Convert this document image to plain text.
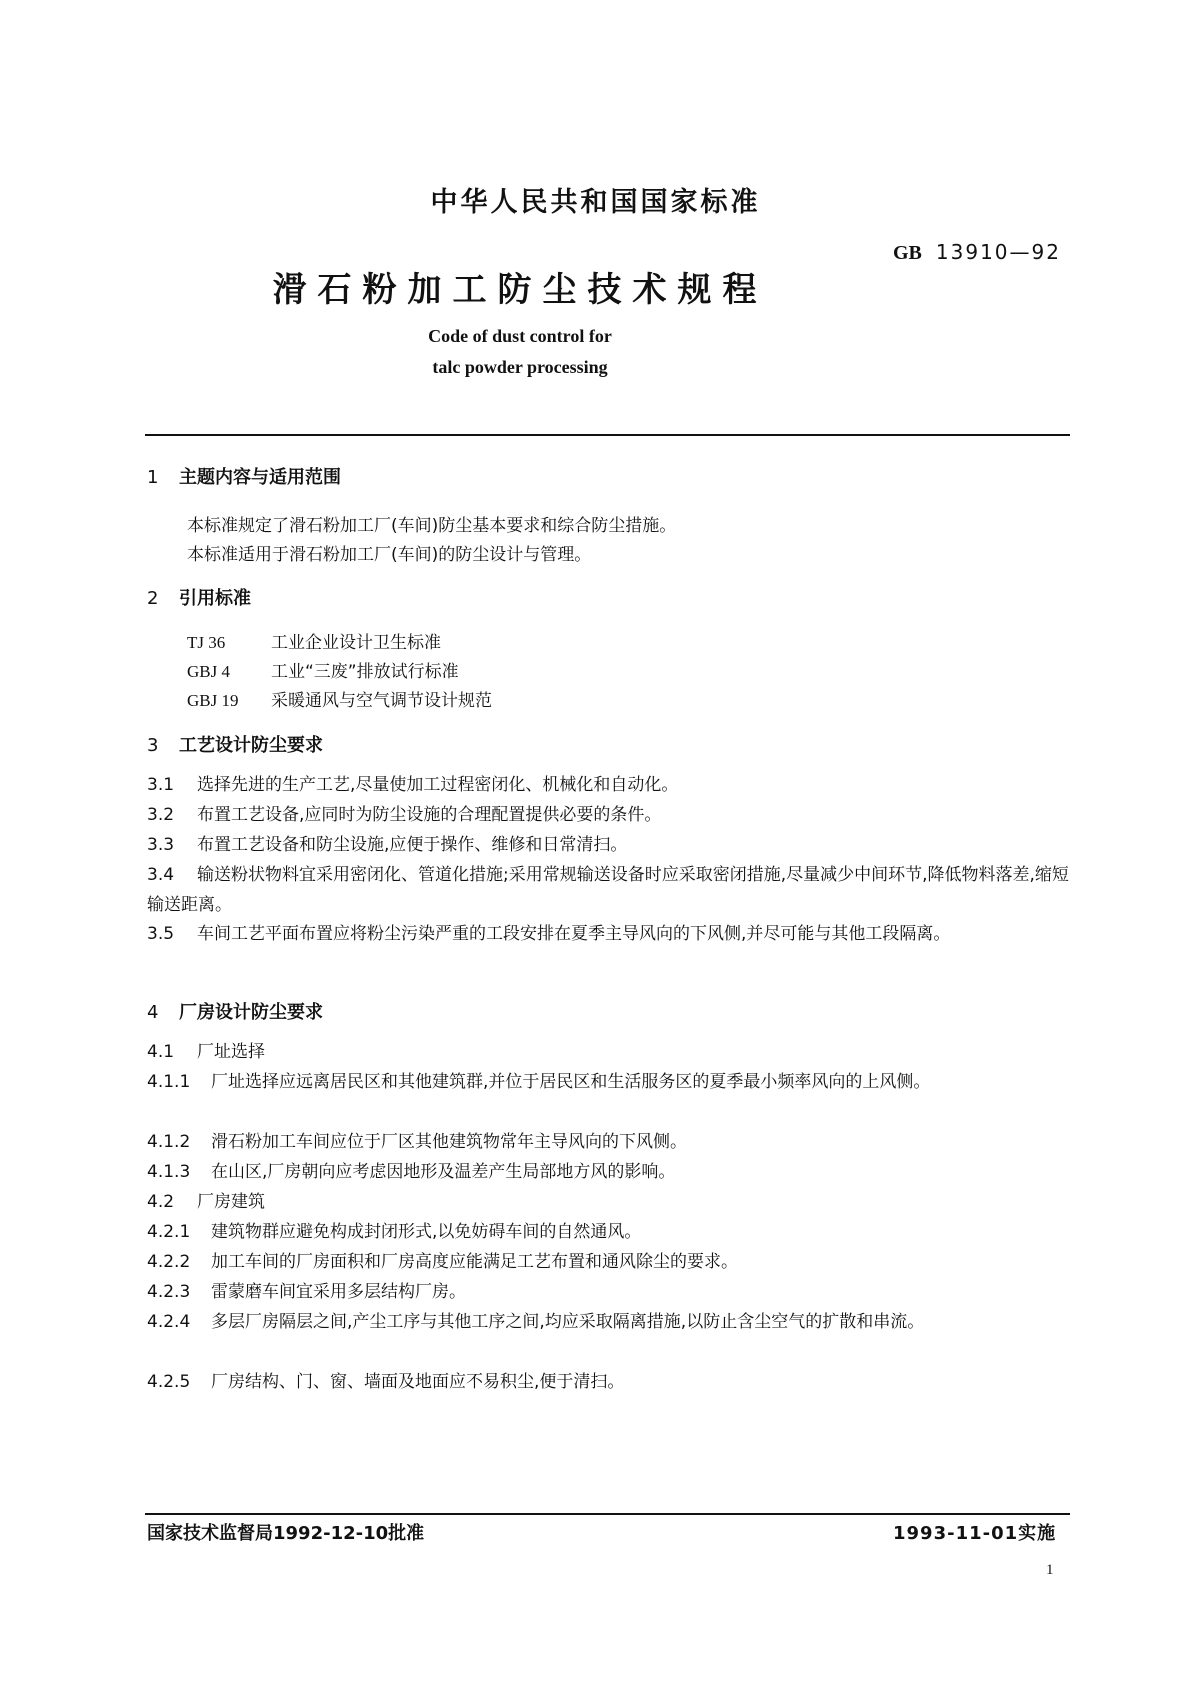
中华人民共和国国家标准
GB 13910—92
滑石粉加工防尘技术规程
Code of dust control for
talc powder processing
1 主题内容与适用范围
本标准规定了滑石粉加工厂(车间)防尘基本要求和综合防尘措施。
本标准适用于滑石粉加工厂(车间)的防尘设计与管理。
2 引用标准
TJ 36	工业企业设计卫生标准
GBJ 4 工业“三废”排放试行标准
GBJ 19 采暖通风与空气调节设计规范
3 工艺设计防尘要求
3.1 选择先进的生产工艺,尽量使加工过程密闭化、机械化和自动化。
3.2 布置工艺设备,应同时为防尘设施的合理配置提供必要的条件。
3.3 布置工艺设备和防尘设施,应便于操作、维修和日常清扫。
3.4 输送粉状物料宜采用密闭化、管道化措施;采用常规输送设备时应采取密闭措施,尽量减少中间环节,降低物料落差,缩短输送距离。
3.5 车间工艺平面布置应将粉尘污染严重的工段安排在夏季主导风向的下风侧,并尽可能与其他工段隔离。
4 厂房设计防尘要求
4.1 厂址选择
4.1.1 厂址选择应远离居民区和其他建筑群,并位于居民区和生活服务区的夏季最小频率风向的上风侧。
4.1.2 滑石粉加工车间应位于厂区其他建筑物常年主导风向的下风侧。
4.1.3 在山区,厂房朝向应考虑因地形及温差产生局部地方风的影响。
4.2 厂房建筑
4.2.1 建筑物群应避免构成封闭形式,以免妨碍车间的自然通风。
4.2.2 加工车间的厂房面积和厂房高度应能满足工艺布置和通风除尘的要求。
4.2.3 雷蒙磨车间宜采用多层结构厂房。
4.2.4 多层厂房隔层之间,产尘工序与其他工序之间,均应采取隔离措施,以防止含尘空气的扩散和串流。
4.2.5 厂房结构、门、窗、墙面及地面应不易积尘,便于清扫。
国家技术监督局1992-12-10批准	1993-11-01实施
1
